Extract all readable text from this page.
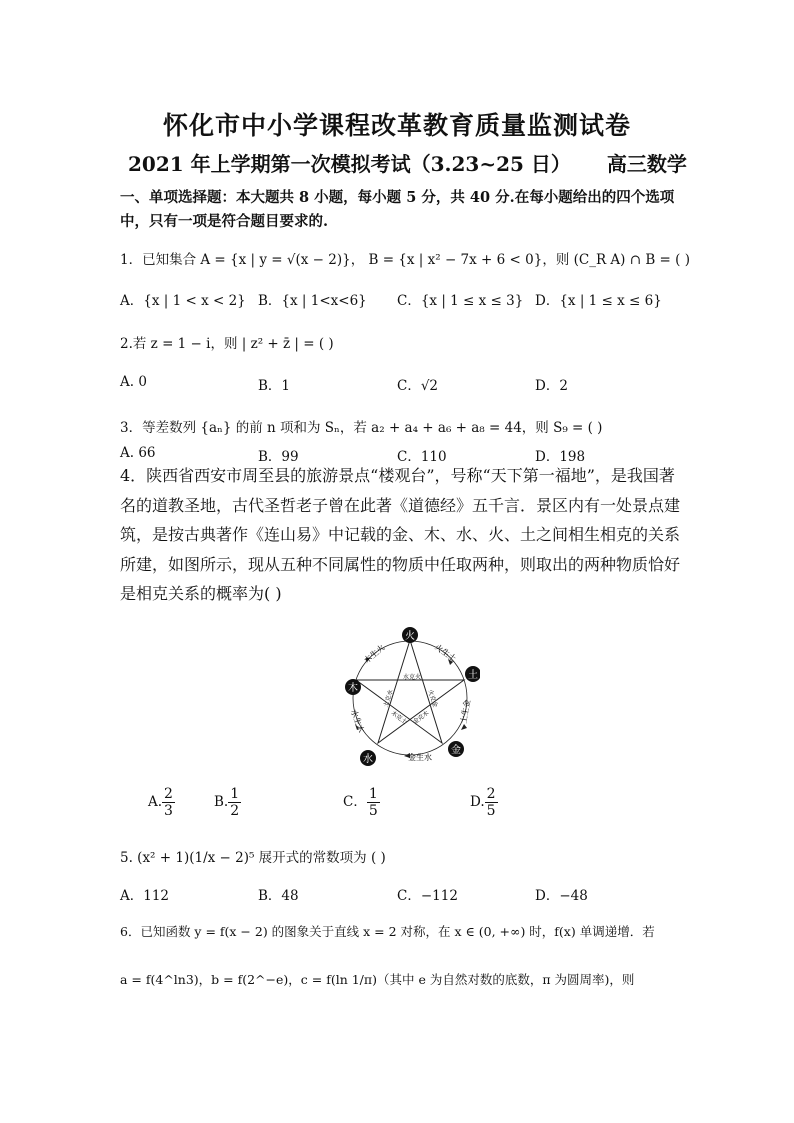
怀化市中小学课程改革教育质量监测试卷
2021 年上学期第一次模拟考试（3.23~25 日） 高三数学
一、单项选择题：本大题共 8 小题，每小题 5 分，共 40 分.在每小题给出的四个选项中，只有一项是符合题目要求的.
1．已知集合 A = {x | y = √(x − 2)}， B = {x | x² − 7x + 6 < 0}，则 (C_R A) ∩ B = ( )
A．{x | 1 < x < 2} B．{x | 1<x<6} C．{x | 1 ≤ x ≤ 3} D．{x | 1 ≤ x ≤ 6}
2.若 z = 1 − i，则 | z² + z̄ | = ( )
A. 0	B．1	C．√2	D．2
3．等差数列 {aₙ} 的前 n 项和为 Sₙ，若 a₂ + a₄ + a₆ + a₈ = 44，则 S₉ = ( )
A. 66	B．99	C．110	D．198
4．陕西省西安市周至县的旅游景点“楼观台”，号称“天下第一福地”，是我国著名的道教圣地，古代圣哲老子曾在此著《道德经》五千言．景区内有一处景点建筑，是按古典著作《连山易》中记载的金、木、水、火、土之间相生相克的关系所建，如图所示，现从五种不同属性的物质中任取两种，则取出的两种物质恰好是相克关系的概率为( )
火
土
金
水
木
火生土
土生金
金生水
水生木
木生火
水克火
火克金
金克木
木克土
土克水
A. $\frac{2}{3}$	B. $\frac{1}{2}$	C． $\frac{1}{5}$	D. $\frac{2}{5}$
5. (x² + 1)(1/x − 2)⁵ 展开式的常数项为 ( )
A．112	B．48	C．−112	D．−48
6．已知函数 y = f(x − 2) 的图象关于直线 x = 2 对称，在 x ∈ (0, +∞) 时，f(x) 单调递增．若
a = f(4^ln3)，b = f(2^−e)，c = f(ln 1/π)（其中 e 为自然对数的底数，π 为圆周率)，则
